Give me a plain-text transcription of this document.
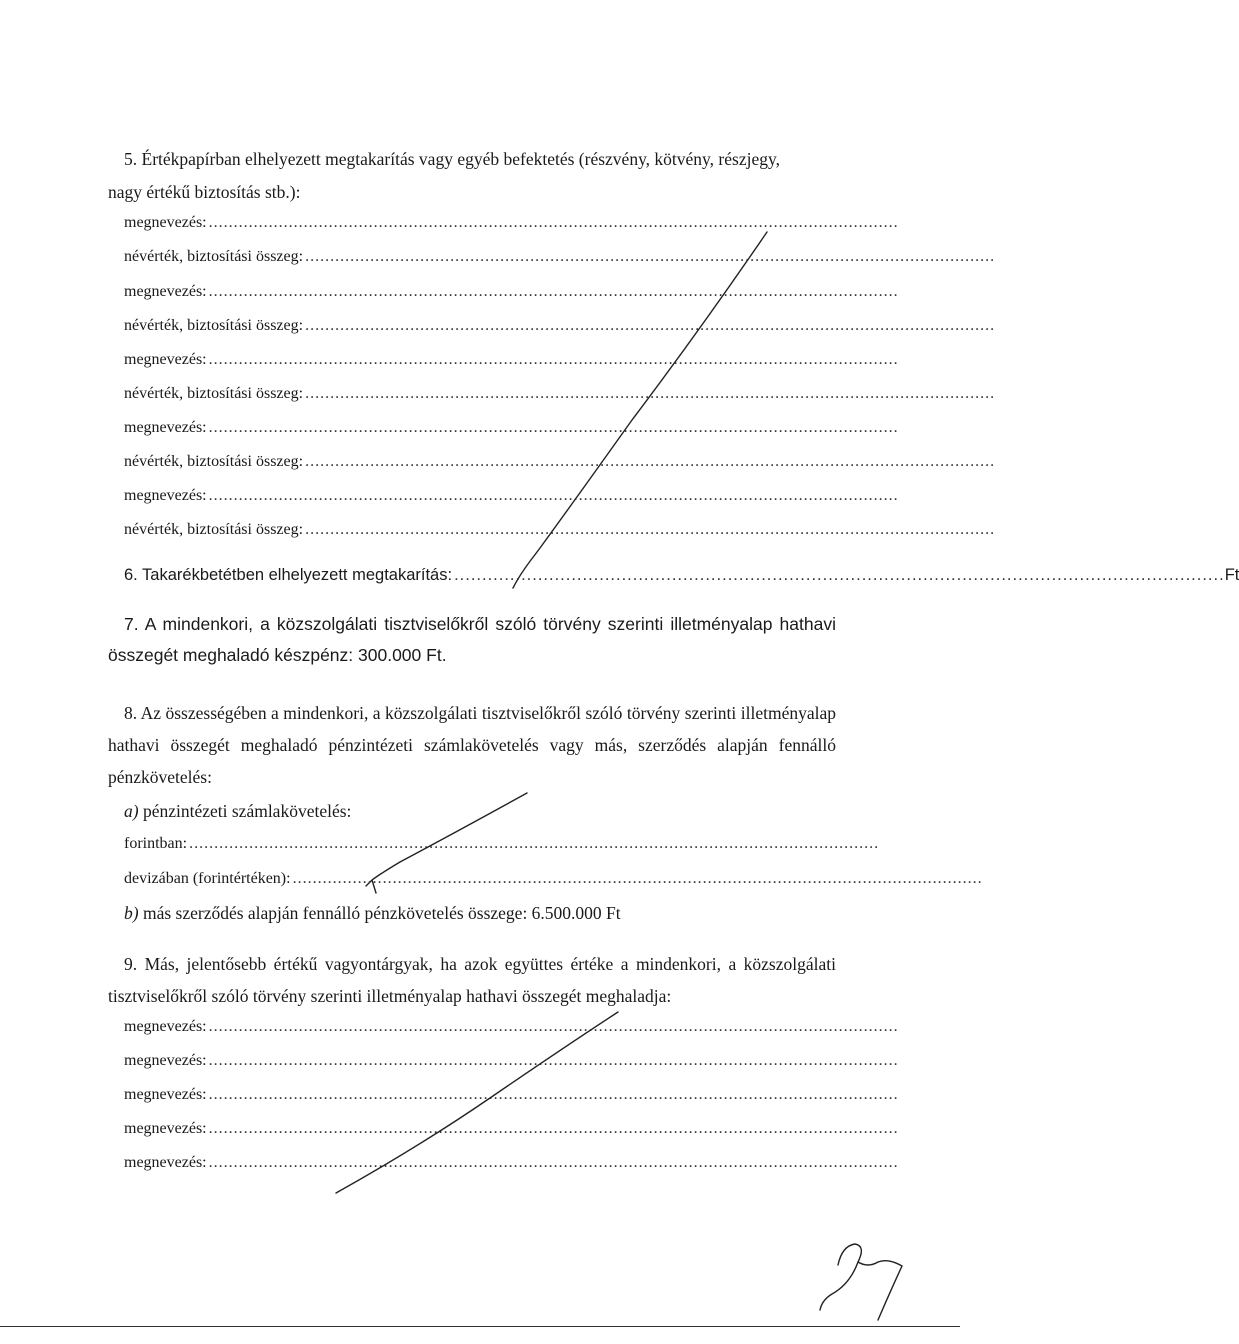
5. Értékpapírban elhelyezett megtakarítás vagy egyéb befektetés (részvény, kötvény, részjegy,
nagy értékű biztosítás stb.):
megnevezés: ..........................................................................................................................................
névérték, biztosítási összeg: ..........................................................................................................................................
megnevezés: ..........................................................................................................................................
névérték, biztosítási összeg: ..........................................................................................................................................
megnevezés: ..........................................................................................................................................
névérték, biztosítási összeg: ..........................................................................................................................................
megnevezés: ..........................................................................................................................................
névérték, biztosítási összeg: ..........................................................................................................................................
megnevezés: ..........................................................................................................................................
névérték, biztosítási összeg: ..........................................................................................................................................
6. Takarékbetétben elhelyezett megtakarítás: .......................................................................................................................................... Ft
7. A mindenkori, a közszolgálati tisztviselőkről szóló törvény szerinti illetményalap hathavi összegét meghaladó készpénz: 300.000 Ft.
8. Az összességében a mindenkori, a közszolgálati tisztviselőkről szóló törvény szerinti illetményalap hathavi összegét meghaladó pénzintézeti számlakövetelés vagy más, szerződés alapján fennálló pénzkövetelés:
a) pénzintézeti számlakövetelés:
forintban: ..........................................................................................................................................
devizában (forintértéken): ..........................................................................................................................................
b) más szerződés alapján fennálló pénzkövetelés összege: 6.500.000 Ft
9. Más, jelentősebb értékű vagyontárgyak, ha azok együttes értéke a mindenkori, a közszolgálati tisztviselőkről szóló törvény szerinti illetményalap hathavi összegét meghaladja:
megnevezés: ..........................................................................................................................................
megnevezés: ..........................................................................................................................................
megnevezés: ..........................................................................................................................................
megnevezés: ..........................................................................................................................................
megnevezés: ..........................................................................................................................................
